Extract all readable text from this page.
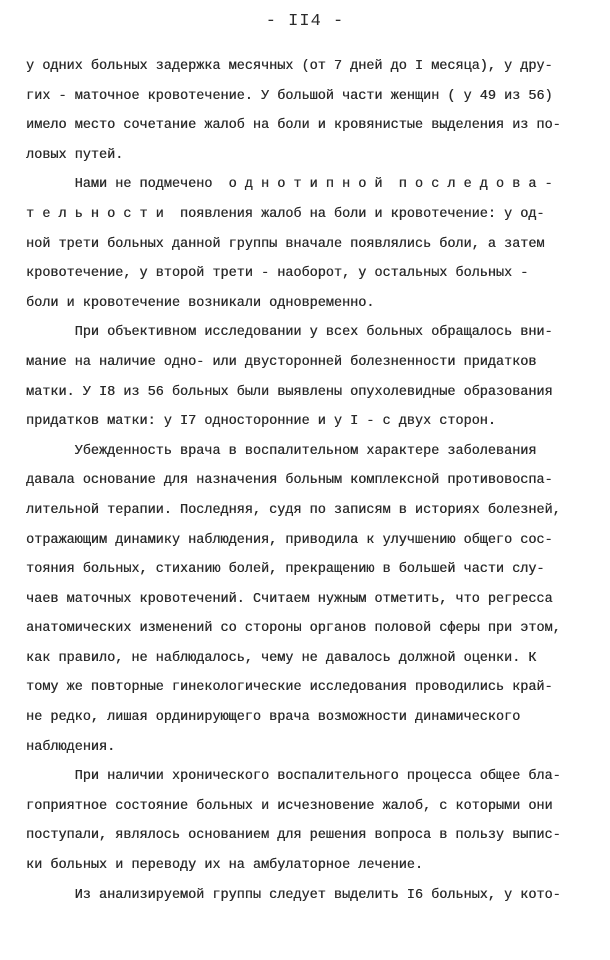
- II4 -
у одних больных задержка месячных (от 7 дней до I месяца), у дру-
гих - маточное кровотечение. У большой части женщин ( у 49 из 56)
имело место сочетание жалоб на боли и кровянистые выделения из по-
ловых путей.
Нами не подмечено  о д н о т и п н о й  п о с л е д о в а -
т е л ь н о с т и  появления жалоб на боли и кровотечение: у од-
ной трети больных данной группы вначале появлялись боли, а затем
кровотечение, у второй трети - наоборот, у остальных больных -
боли и кровотечение возникали одновременно.
При объективном исследовании у всех больных обращалось вни-
мание на наличие одно- или двусторонней болезненности придатков
матки. У I8 из 56 больных были выявлены опухолевидные образования
придатков матки: у I7 односторонние и у I - с двух сторон.
Убежденность врача в воспалительном характере заболевания
давала основание для назначения больным комплексной противовоспа-
лительной терапии. Последняя, судя по записям в историях болезней,
отражающим динамику наблюдения, приводила к улучшению общего сос-
тояния больных, стиханию болей, прекращению в большей части слу-
чаев маточных кровотечений. Считаем нужным отметить, что регресса
анатомических изменений со стороны органов половой сферы при этом,
как правило, не наблюдалось, чему не давалось должной оценки. К
тому же повторные гинекологические исследования проводились край-
не редко, лишая ординирующего врача возможности динамического
наблюдения.
При наличии хронического воспалительного процесса общее бла-
гоприятное состояние больных и исчезновение жалоб, с которыми они
поступали, являлось основанием для решения вопроса в пользу выпис-
ки больных и переводу их на амбулаторное лечение.
Из анализируемой группы следует выделить I6 больных, у кото-
